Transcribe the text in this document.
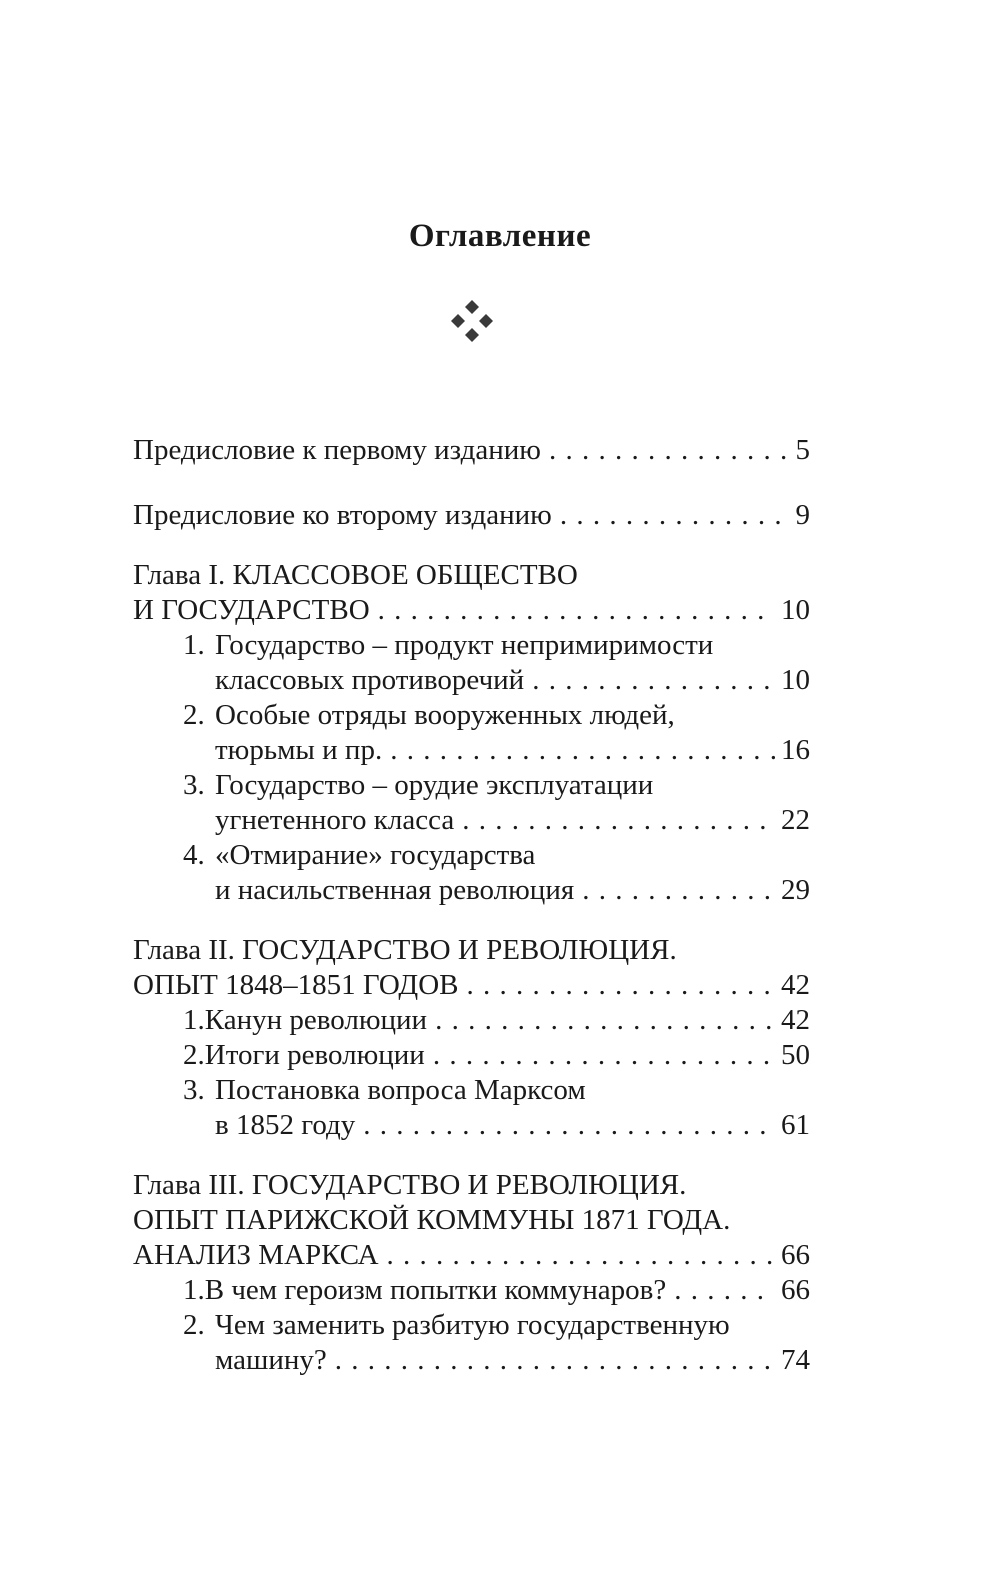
Оглавление
Предисловие к первому изданию . . .	5
Предисловие ко второму изданию . . .	9
Глава I. КЛАССОВОЕ ОБЩЕСТВО
И ГОСУДАРСТВО . . .	10
1. Государство – продукт непримиримости
классовых противоречий . . .	10
2. Особые отряды вооруженных людей,
тюрьмы и пр. . . .	16
3. Государство – орудие эксплуатации
угнетенного класса . . .	22
4. «Отмирание» государства
и насильственная революция . . .	29
Глава II. ГОСУДАРСТВО И РЕВОЛЮЦИЯ.
ОПЫТ 1848–1851 ГОДОВ . . .	42
1. Канун революции . . .	42
2. Итоги революции . . .	50
3. Постановка вопроса Марксом
в 1852 году . . .	61
Глава III. ГОСУДАРСТВО И РЕВОЛЮЦИЯ.
ОПЫТ ПАРИЖСКОЙ КОММУНЫ 1871 ГОДА.
АНАЛИЗ МАРКСА . . .	66
1. В чем героизм попытки коммунаров? . . .	66
2. Чем заменить разбитую государственную
машину? . . .	74
